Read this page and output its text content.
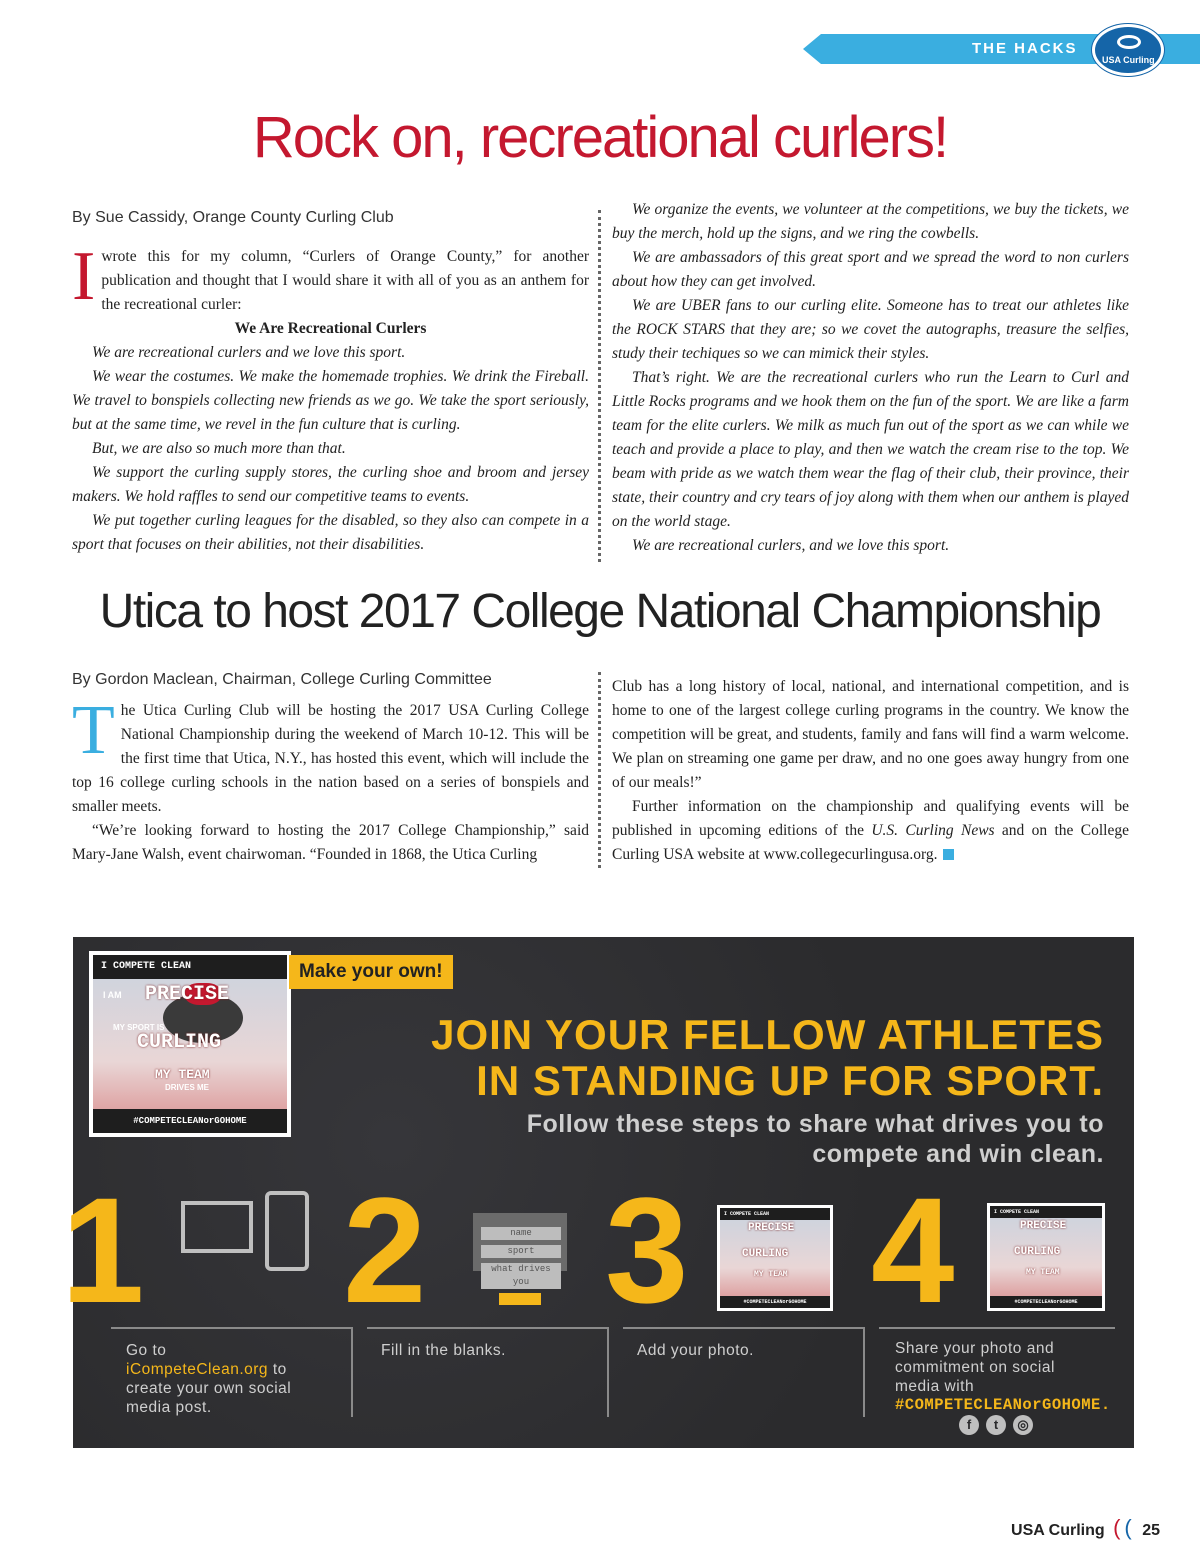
THE HACKS
USA Curling
Rock on, recreational curlers!
By Sue Cassidy, Orange County Curling Club
I wrote this for my column, “Curlers of Orange County,” for another publication and thought that I would share it with all of you as an anthem for the recreational curler:

We Are Recreational Curlers

We are recreational curlers and we love this sport.

We wear the costumes. We make the homemade trophies. We drink the Fireball. We travel to bonspiels collecting new friends as we go. We take the sport seriously, but at the same time, we revel in the fun culture that is curling.

But, we are also so much more than that.

We support the curling supply stores, the curling shoe and broom and jersey makers. We hold raffles to send our competitive teams to events.

We put together curling leagues for the disabled, so they also can compete in a sport that focuses on their abilities, not their disabilities.

We organize the events, we volunteer at the competitions, we buy the tickets, we buy the merch, hold up the signs, and we ring the cowbells.

We are ambassadors of this great sport and we spread the word to non curlers about how they can get involved.

We are UBER fans to our curling elite. Someone has to treat our athletes like the ROCK STARS that they are; so we covet the autographs, treasure the selfies, study their techiques so we can mimick their styles.

That’s right. We are the recreational curlers who run the Learn to Curl and Little Rocks programs and we hook them on the fun of the sport. We are like a farm team for the elite curlers. We milk as much fun out of the sport as we can while we teach and provide a place to play, and then we watch the cream rise to the top. We beam with pride as we watch them wear the flag of their club, their province, their state, their country and cry tears of joy along with them when our anthem is played on the world stage.

We are recreational curlers, and we love this sport.

Utica to host 2017 College National Championship
By Gordon Maclean, Chairman, College Curling Committee
T he Utica Curling Club will be hosting the 2017 USA Curling College National Championship during the weekend of March 10-12. This will be the first time that Utica, N.Y., has hosted this event, which will include the top 16 college curling schools in the nation based on a series of bonspiels and smaller meets.

“We’re looking forward to hosting the 2017 College Championship,” said Mary-Jane Walsh, event chairwoman. “Founded in 1868, the Utica Curling

Club has a long history of local, national, and international competition, and is home to one of the largest college curling programs in the country. We know the competition will be great, and students, family and fans will find a warm welcome. We plan on streaming one game per draw, and no one goes away hungry from one of our meals!”

Further information on the championship and qualifying events will be published in upcoming editions of the U.S. Curling News and on the College Curling USA website at www.collegecurlingusa.org.

I COMPETE CLEAN
I AM PRECISE
MY SPORT IS
CURLING
MY TEAM
DRIVES ME
#COMPETECLEANorGOHOME
Make your own!
JOIN YOUR FELLOW ATHLETES
IN STANDING UP FOR SPORT.
Follow these steps to share what drives you to
compete and win clean.
1
Go to
iCompeteClean.org to
create your own social
media post.
2	name
sport
what drives you
Fill in the blanks.
3	I COMPETE CLEAN
PRECISE
CURLING
MY TEAM
#COMPETECLEANorGOHOME
Add your photo.
4	I COMPETE CLEAN
PRECISE
CURLING
MY TEAM
#COMPETECLEANorGOHOME
Share your photo and
commitment on social
media with
#COMPETECLEANorGOHOME.
f	t	◎
USA Curling ( ( 25
